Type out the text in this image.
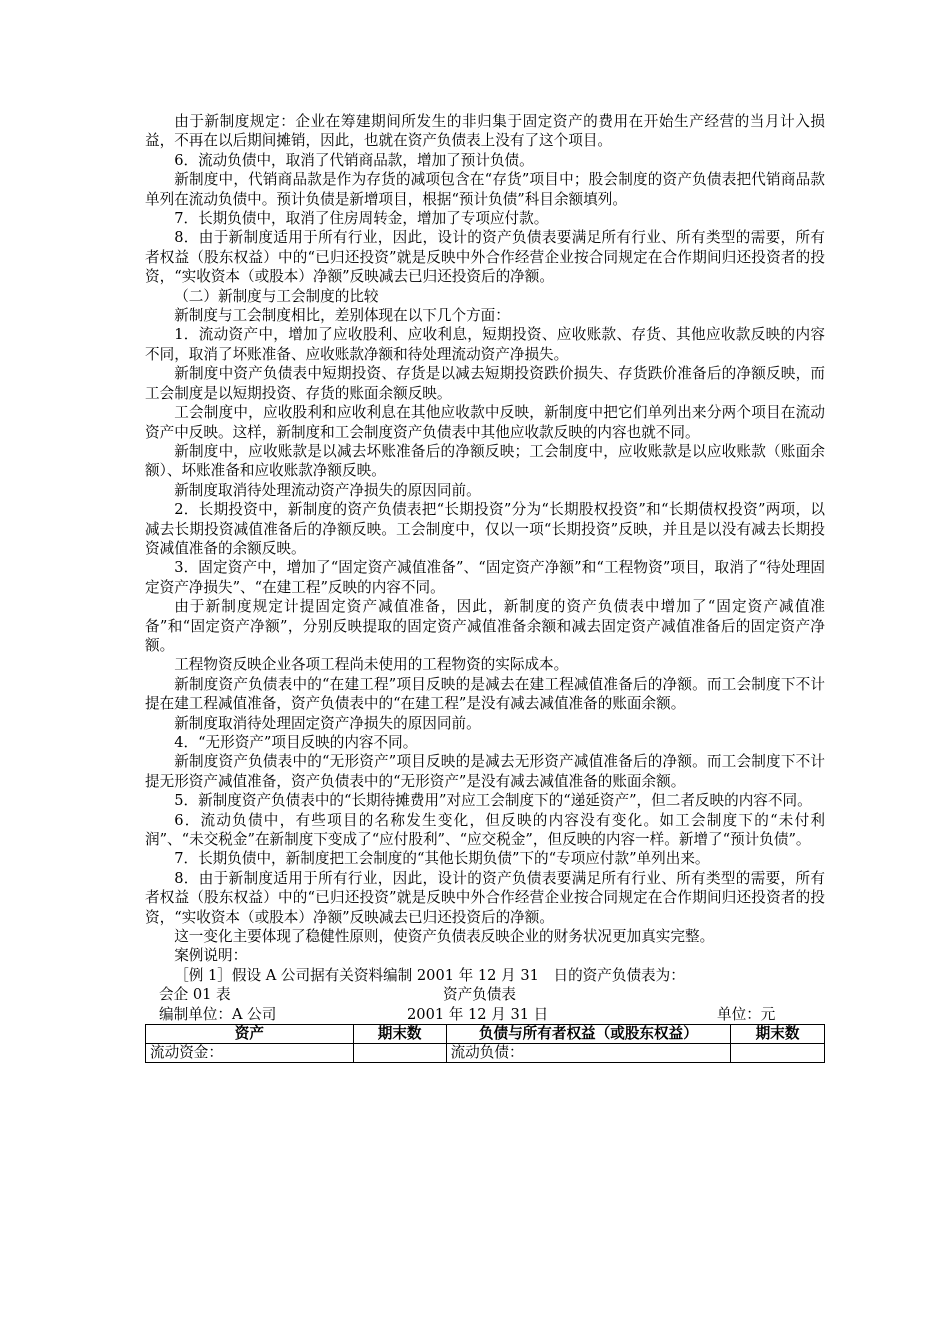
由于新制度规定：企业在筹建期间所发生的非归集于固定资产的费用在开始生产经营的当月计入损益，不再在以后期间摊销，因此，也就在资产负债表上没有了这个项目。

6．流动负债中，取消了代销商品款，增加了预计负债。

新制度中，代销商品款是作为存货的减项包含在“存货”项目中；股会制度的资产负债表把代销商品款单列在流动负债中。预计负债是新增项目，根据“预计负债”科目余额填列。

7．长期负债中，取消了住房周转金，增加了专项应付款。

8．由于新制度适用于所有行业，因此，设计的资产负债表要满足所有行业、所有类型的需要，所有者权益（股东权益）中的“已归还投资”就是反映中外合作经营企业按合同规定在合作期间归还投资者的投资，“实收资本（或股本）净额”反映减去已归还投资后的净额。

（二）新制度与工会制度的比较

新制度与工会制度相比，差别体现在以下几个方面：

1．流动资产中，增加了应收股利、应收利息，短期投资、应收账款、存货、其他应收款反映的内容不同，取消了坏账准备、应收账款净额和待处理流动资产净损失。

新制度中资产负债表中短期投资、存货是以减去短期投资跌价损失、存货跌价准备后的净额反映，而工会制度是以短期投资、存货的账面余额反映。

工会制度中，应收股利和应收利息在其他应收款中反映，新制度中把它们单列出来分两个项目在流动资产中反映。这样，新制度和工会制度资产负债表中其他应收款反映的内容也就不同。

新制度中，应收账款是以减去坏账准备后的净额反映；工会制度中，应收账款是以应收账款（账面余额）、坏账准备和应收账款净额反映。

新制度取消待处理流动资产净损失的原因同前。

2．长期投资中，新制度的资产负债表把“长期投资”分为“长期股权投资”和“长期债权投资”两项，以减去长期投资减值准备后的净额反映。工会制度中，仅以一项“长期投资”反映，并且是以没有减去长期投资减值准备的余额反映。

3．固定资产中，增加了“固定资产减值准备”、“固定资产净额”和“工程物资”项目，取消了“待处理固定资产净损失”、“在建工程”反映的内容不同。

由于新制度规定计提固定资产减值准备，因此，新制度的资产负债表中增加了“固定资产减值准备”和“固定资产净额”，分别反映提取的固定资产减值准备余额和减去固定资产减值准备后的固定资产净额。

工程物资反映企业各项工程尚未使用的工程物资的实际成本。

新制度资产负债表中的“在建工程”项目反映的是减去在建工程减值准备后的净额。而工会制度下不计提在建工程减值准备，资产负债表中的“在建工程”是没有减去减值准备的账面余额。

新制度取消待处理固定资产净损失的原因同前。

4．“无形资产”项目反映的内容不同。

新制度资产负债表中的“无形资产”项目反映的是减去无形资产减值准备后的净额。而工会制度下不计提无形资产减值准备，资产负债表中的“无形资产”是没有减去减值准备的账面余额。

5．新制度资产负债表中的“长期待摊费用”对应工会制度下的“递延资产”，但二者反映的内容不同。

6．流动负债中，有些项目的名称发生变化，但反映的内容没有变化。如工会制度下的“未付利润”、“未交税金”在新制度下变成了“应付股利”、“应交税金”，但反映的内容一样。新增了“预计负债”。

7．长期负债中，新制度把工会制度的“其他长期负债”下的“专项应付款”单列出来。

8．由于新制度适用于所有行业，因此，设计的资产负债表要满足所有行业、所有类型的需要，所有者权益（股东权益）中的“已归还投资”就是反映中外合作经营企业按合同规定在合作期间归还投资者的投资，“实收资本（或股本）净额”反映减去已归还投资后的净额。

这一变化主要体现了稳健性原则，使资产负债表反映企业的财务状况更加真实完整。

案例说明：

［例 1］假设 A 公司据有关资料编制 2001 年 12 月 31　日的资产负债表为：

会企 01 表	资产负债表
编制单位：A 公司	2001 年 12 月 31 日	单位：元
资产	期末数	负债与所有者权益（或股东权益）	期末数
流动资金：		流动负债：	
